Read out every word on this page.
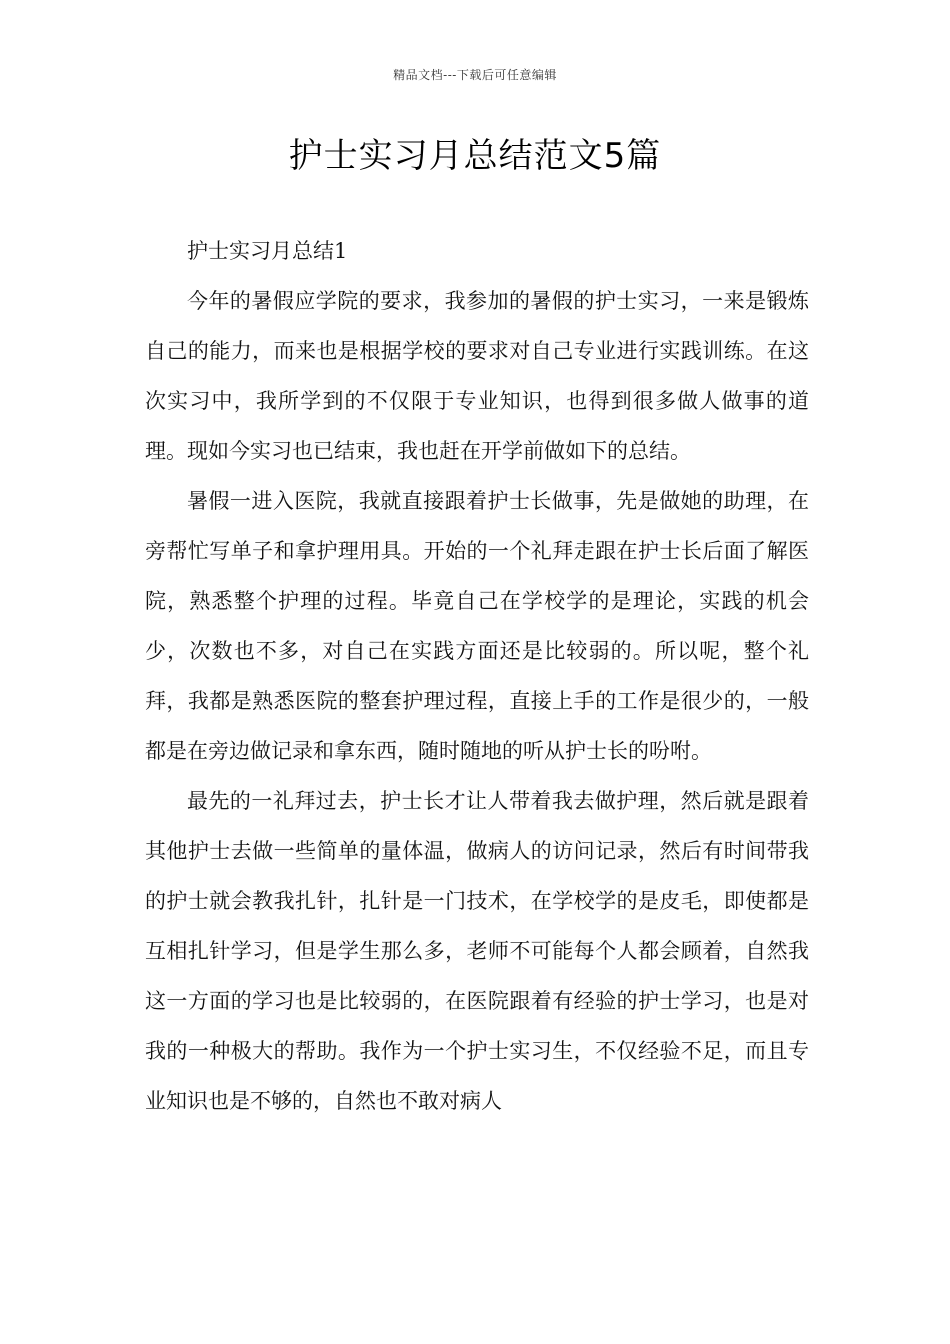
精品文档---下载后可任意编辑
护士实习月总结范文5篇

护士实习月总结1

今年的暑假应学院的要求，我参加的暑假的护士实习，一来是锻炼自己的能力，而来也是根据学校的要求对自己专业进行实践训练。在这次实习中，我所学到的不仅限于专业知识，也得到很多做人做事的道理。现如今实习也已结束，我也赶在开学前做如下的总结。

暑假一进入医院，我就直接跟着护士长做事，先是做她的助理，在旁帮忙写单子和拿护理用具。开始的一个礼拜走跟在护士长后面了解医院，熟悉整个护理的过程。毕竟自己在学校学的是理论，实践的机会少，次数也不多，对自己在实践方面还是比较弱的。所以呢，整个礼拜，我都是熟悉医院的整套护理过程，直接上手的工作是很少的，一般都是在旁边做记录和拿东西，随时随地的听从护士长的吩咐。

最先的一礼拜过去，护士长才让人带着我去做护理，然后就是跟着其他护士去做一些简单的量体温，做病人的访问记录，然后有时间带我的护士就会教我扎针，扎针是一门技术，在学校学的是皮毛，即使都是互相扎针学习，但是学生那么多，老师不可能每个人都会顾着，自然我这一方面的学习也是比较弱的，在医院跟着有经验的护士学习，也是对我的一种极大的帮助。我作为一个护士实习生，不仅经验不足，而且专业知识也是不够的，自然也不敢对病人
